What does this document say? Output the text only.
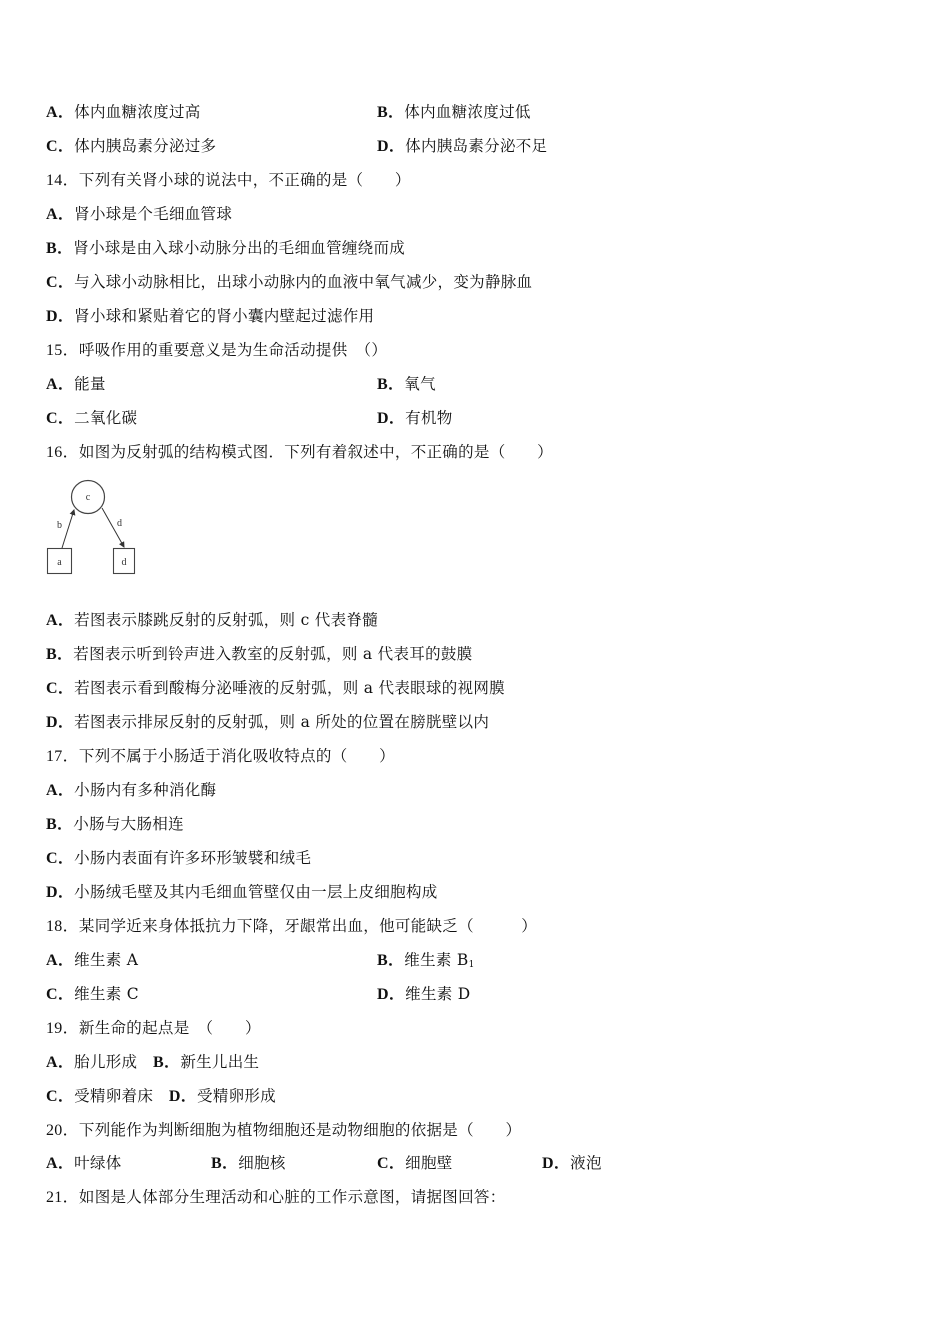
A．体内血糖浓度过高	B．体内血糖浓度过低
C．体内胰岛素分泌过多	D．体内胰岛素分泌不足
14．下列有关肾小球的说法中，不正确的是（　　）
A．肾小球是个毛细血管球
B．肾小球是由入球小动脉分出的毛细血管缠绕而成
C．与入球小动脉相比，出球小动脉内的血液中氧气减少，变为静脉血
D．肾小球和紧贴着它的肾小囊内壁起过滤作用
15．呼吸作用的重要意义是为生命活动提供　（）
A．能量	B．氧气
C．二氧化碳	D．有机物
16．如图为反射弧的结构模式图．下列有着叙述中，不正确的是（　　）
c
a	d
b	d
A．若图表示膝跳反射的反射弧，则 c 代表脊髓
B．若图表示听到铃声进入教室的反射弧，则 a 代表耳的鼓膜
C．若图表示看到酸梅分泌唾液的反射弧，则 a 代表眼球的视网膜
D．若图表示排尿反射的反射弧，则 a 所处的位置在膀胱壁以内
17．下列不属于小肠适于消化吸收特点的（　　）
A．小肠内有多种消化酶
B．小肠与大肠相连
C．小肠内表面有许多环形皱襞和绒毛
D．小肠绒毛壁及其内毛细血管壁仅由一层上皮细胞构成
18．某同学近来身体抵抗力下降，牙龈常出血，他可能缺乏（　　　）
A．维生素 A	B．维生素 $B_1$
C．维生素 C	D．维生素 D
19．新生命的起点是　（　　）
A．胎儿形成 B．新生儿出生
C．受精卵着床 D．受精卵形成
20．下列能作为判断细胞为植物细胞还是动物细胞的依据是（　　）
A．叶绿体	B．细胞核	C．细胞壁	D．液泡
21．如图是人体部分生理活动和心脏的工作示意图，请据图回答：
